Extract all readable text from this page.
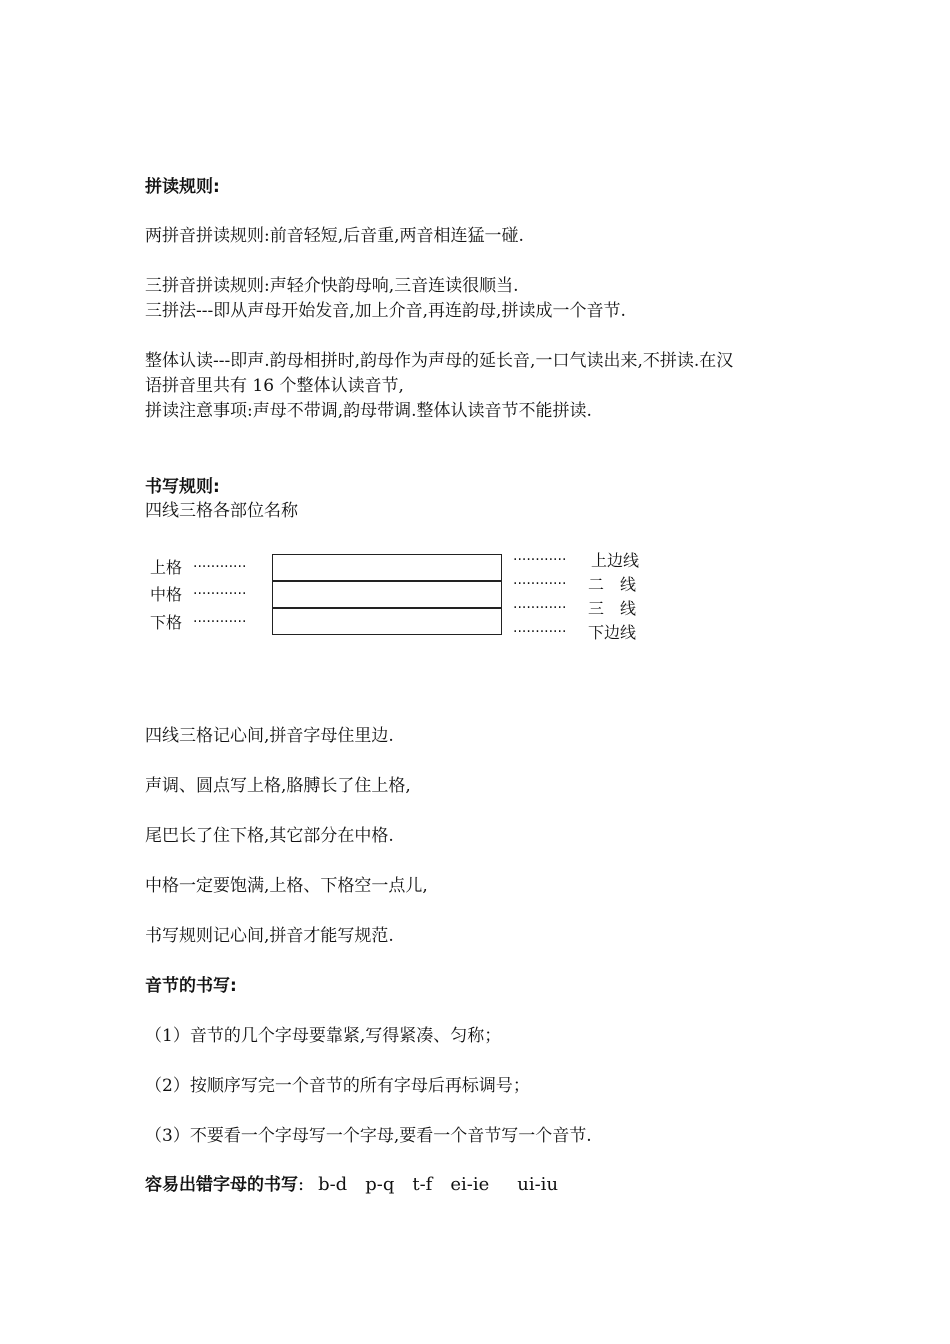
拼读规则:
两拼音拼读规则:前音轻短,后音重,两音相连猛一碰.
三拼音拼读规则:声轻介快韵母响,三音连读很顺当.
三拼法---即从声母开始发音,加上介音,再连韵母,拼读成一个音节.
整体认读---即声.韵母相拼时,韵母作为声母的延长音,一口气读出来,不拼读.在汉
语拼音里共有 16 个整体认读音节,
拼读注意事项:声母不带调,韵母带调.整体认读音节不能拼读.
书写规则:
四线三格各部位名称
上格
中格
下格
············
············
············
············
············
············
············
上边线
二　线
三　线
下边线
四线三格记心间,拼音字母住里边.
声调、圆点写上格,胳膊长了住上格,
尾巴长了住下格,其它部分在中格.
中格一定要饱满,上格、下格空一点儿,
书写规则记心间,拼音才能写规范.
音节的书写:
（1）音节的几个字母要靠紧,写得紧凑、匀称；
（2）按顺序写完一个音节的所有字母后再标调号；
（3）不要看一个字母写一个字母,要看一个音节写一个音节.
容易出错字母的书写: b-d p-q t-f ei-ie ui-iu
